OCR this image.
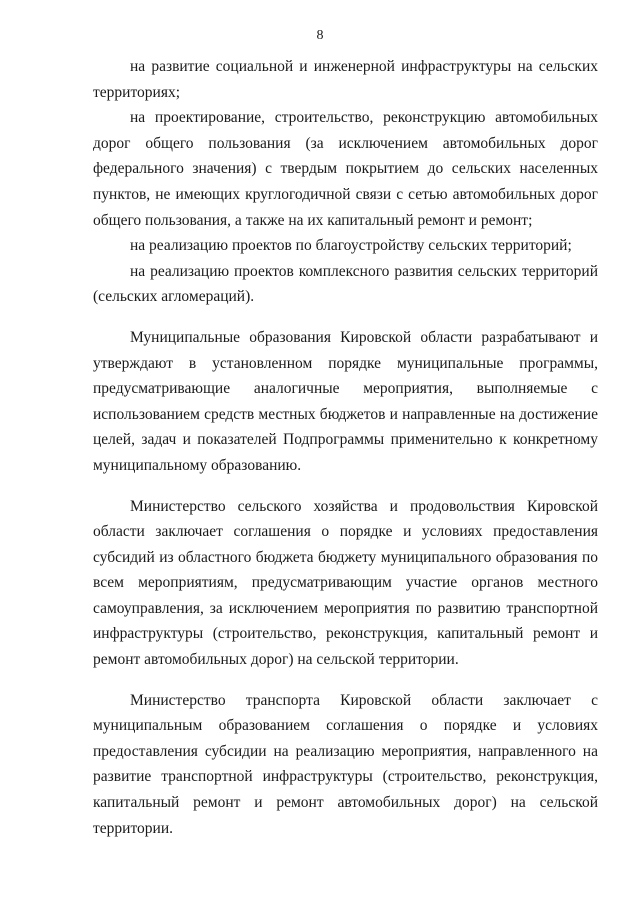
8

на развитие социальной и инженерной инфраструктуры на сельских территориях;

на проектирование, строительство, реконструкцию автомобильных дорог общего пользования (за исключением автомобильных дорог федерального значения) с твердым покрытием до сельских населенных пунктов, не имеющих круглогодичной связи с сетью автомобильных дорог общего пользования, а также на их капитальный ремонт и ремонт;

на реализацию проектов по благоустройству сельских территорий;

на реализацию проектов комплексного развития сельских территорий (сельских агломераций).

Муниципальные образования Кировской области разрабатывают и утверждают в установленном порядке муниципальные программы, предусматривающие аналогичные мероприятия, выполняемые с использованием средств местных бюджетов и направленные на достижение целей, задач и показателей Подпрограммы применительно к конкретному муниципальному образованию.

Министерство сельского хозяйства и продовольствия Кировской области заключает соглашения о порядке и условиях предоставления субсидий из областного бюджета бюджету муниципального образования по всем мероприятиям, предусматривающим участие органов местного самоуправления, за исключением мероприятия по развитию транспортной инфраструктуры (строительство, реконструкция, капитальный ремонт и ремонт автомобильных дорог) на сельской территории.

Министерство транспорта Кировской области заключает с муниципальным образованием соглашения о порядке и условиях предоставления субсидии на реализацию мероприятия, направленного на развитие транспортной инфраструктуры (строительство, реконструкция, капитальный ремонт и ремонт автомобильных дорог) на сельской территории.
